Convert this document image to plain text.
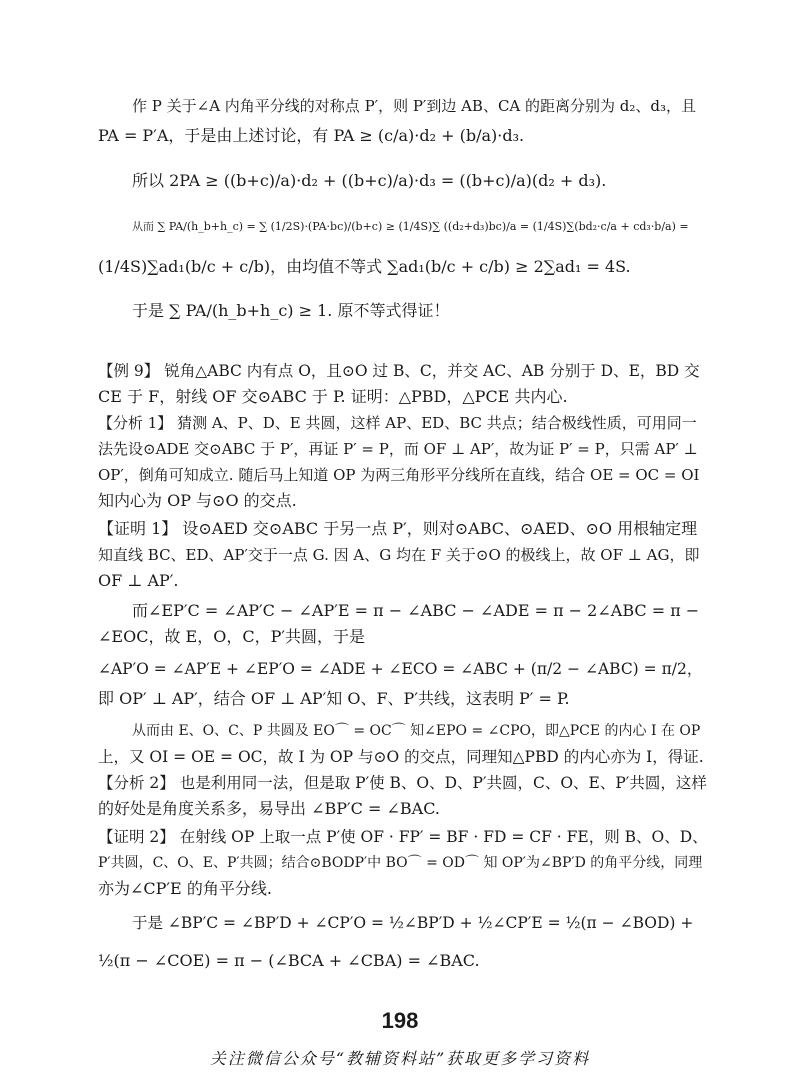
作 P 关于∠A 内角平分线的对称点 P′，则 P′到边 AB、CA 的距离分别为 d₂、d₃，且
PA = P′A，于是由上述讨论，有 PA ≥ (c/a)·d₂ + (b/a)·d₃.
所以 2PA ≥ ((b+c)/a)·d₂ + ((b+c)/a)·d₃ = ((b+c)/a)(d₂ + d₃).
从而 ∑ PA/(h_b+h_c) = ∑ (1/2S)·(PA·bc)/(b+c) ≥ (1/4S)∑ ((d₂+d₃)bc)/a = (1/4S)∑(bd₂·c/a + cd₃·b/a) =
(1/4S)∑ad₁(b/c + c/b)，由均值不等式 ∑ad₁(b/c + c/b) ≥ 2∑ad₁ = 4S.
于是 ∑ PA/(h_b+h_c) ≥ 1. 原不等式得证！
【例 9】 锐角△ABC 内有点 O，且⊙O 过 B、C，并交 AC、AB 分别于 D、E，BD 交
CE 于 F，射线 OF 交⊙ABC 于 P. 证明：△PBD，△PCE 共内心.
【分析 1】 猜测 A、P、D、E 共圆，这样 AP、ED、BC 共点；结合极线性质，可用同一
法先设⊙ADE 交⊙ABC 于 P′，再证 P′ = P，而 OF ⊥ AP′，故为证 P′ = P，只需 AP′ ⊥
OP′，倒角可知成立. 随后马上知道 OP 为两三角形平分线所在直线，结合 OE = OC = OI
知内心为 OP 与⊙O 的交点.
【证明 1】 设⊙AED 交⊙ABC 于另一点 P′，则对⊙ABC、⊙AED、⊙O 用根轴定理
知直线 BC、ED、AP′交于一点 G. 因 A、G 均在 F 关于⊙O 的极线上，故 OF ⊥ AG，即
OF ⊥ AP′.
而∠EP′C = ∠AP′C − ∠AP′E = π − ∠ABC − ∠ADE = π − 2∠ABC = π −
∠EOC，故 E，O，C，P′共圆，于是
∠AP′O = ∠AP′E + ∠EP′O = ∠ADE + ∠ECO = ∠ABC + (π/2 − ∠ABC) = π/2，
即 OP′ ⊥ AP′，结合 OF ⊥ AP′知 O、F、P′共线，这表明 P′ = P.
从而由 E、O、C、P 共圆及 EO⌒ = OC⌒ 知∠EPO = ∠CPO，即△PCE 的内心 I 在 OP
上，又 OI = OE = OC，故 I 为 OP 与⊙O 的交点，同理知△PBD 的内心亦为 I，得证.
【分析 2】 也是利用同一法，但是取 P′使 B、O、D、P′共圆，C、O、E、P′共圆，这样
的好处是角度关系多，易导出 ∠BP′C = ∠BAC.
【证明 2】 在射线 OP 上取一点 P′使 OF · FP′ = BF · FD = CF · FE，则 B、O、D、
P′共圆，C、O、E、P′共圆；结合⊙BODP′中 BO⌒ = OD⌒ 知 OP′为∠BP′D 的角平分线，同理
亦为∠CP′E 的角平分线.
于是 ∠BP′C = ∠BP′D + ∠CP′O = ½∠BP′D + ½∠CP′E = ½(π − ∠BOD) +
½(π − ∠COE) = π − (∠BCA + ∠CBA) = ∠BAC.
198
关注微信公众号“教辅资料站”获取更多学习资料
